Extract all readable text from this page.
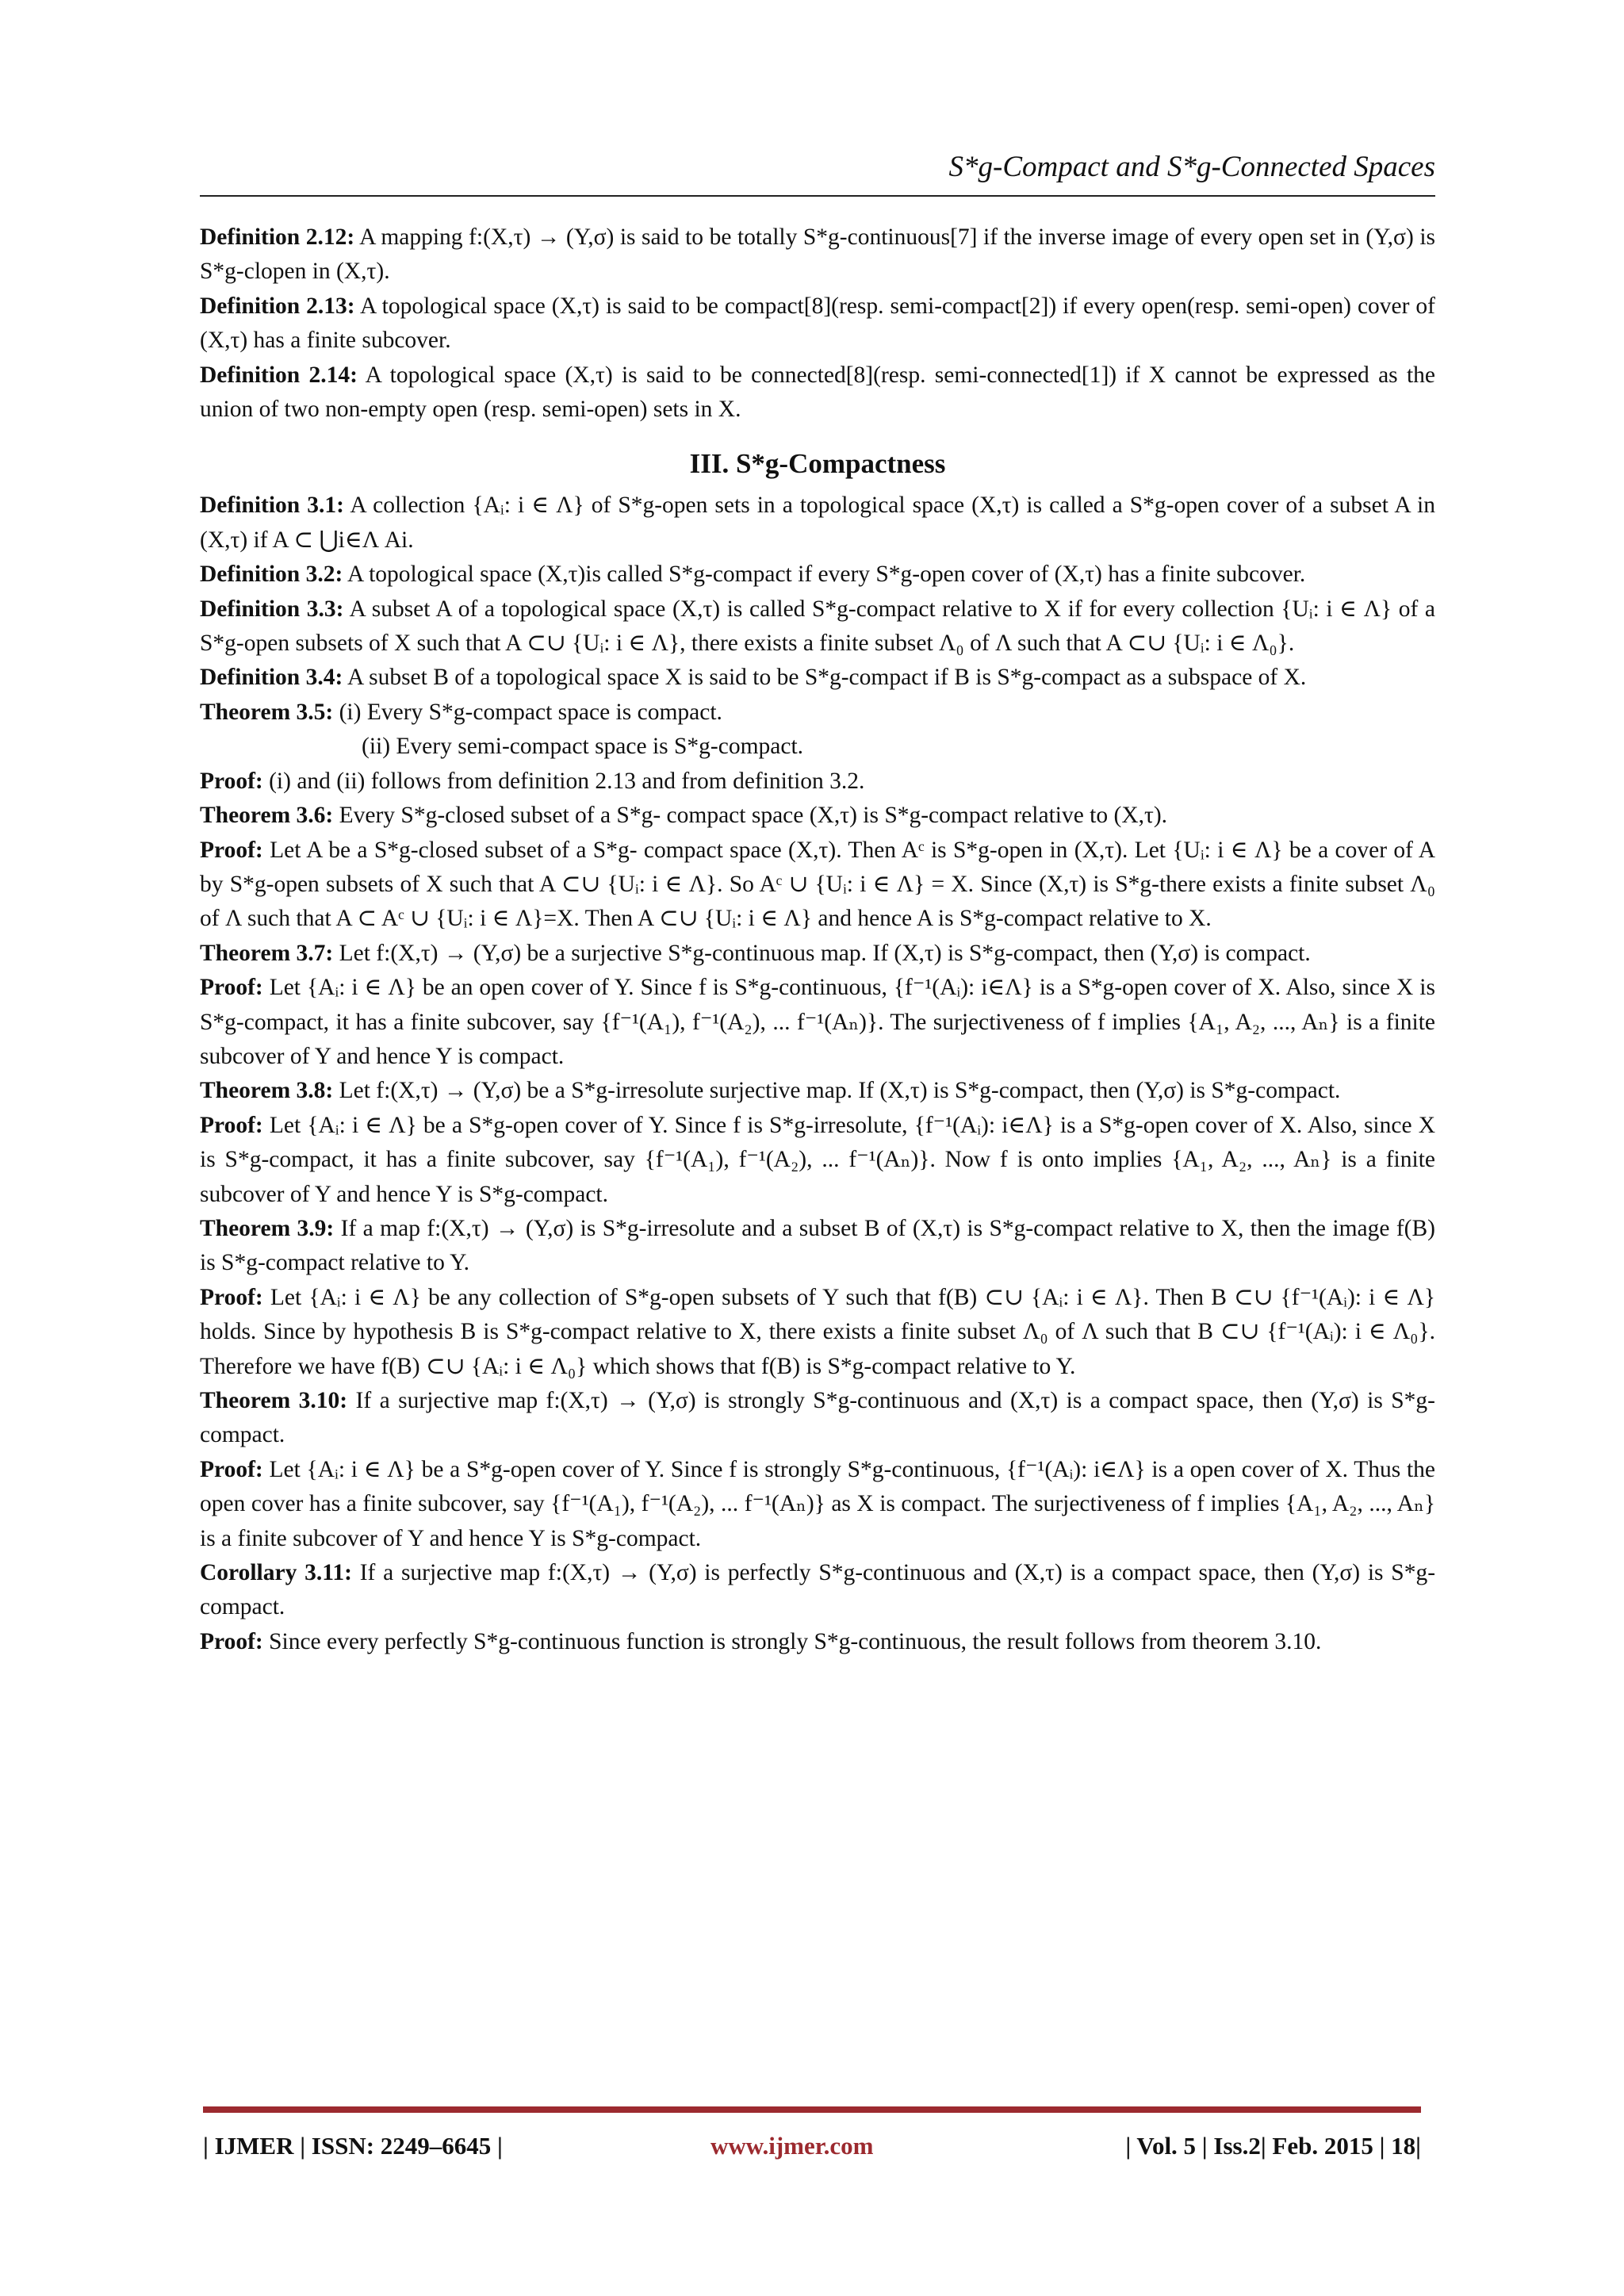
S*g-Compact and S*g-Connected Spaces

Definition 2.12: A mapping f:(X,τ) → (Y,σ) is said to be totally S*g-continuous[7] if the inverse image of every open set in (Y,σ) is S*g-clopen in (X,τ).

Definition 2.13: A topological space (X,τ) is said to be compact[8](resp. semi-compact[2]) if every open(resp. semi-open) cover of (X,τ) has a finite subcover.

Definition 2.14: A topological space (X,τ) is said to be connected[8](resp. semi-connected[1]) if X cannot be expressed as the union of two non-empty open (resp. semi-open) sets in X.

III. S*g-Compactness

Definition 3.1: A collection {Aᵢ: i ∈ Λ} of S*g-open sets in a topological space (X,τ) is called a S*g-open cover of a subset A in (X,τ) if A ⊂ ⋃i∈Λ Ai.

Definition 3.2: A topological space (X,τ)is called S*g-compact if every S*g-open cover of (X,τ) has a finite subcover.

Definition 3.3: A subset A of a topological space (X,τ) is called S*g-compact relative to X if for every collection {Uᵢ: i ∈ Λ} of a S*g-open subsets of X such that A ⊂∪ {Uᵢ: i ∈ Λ}, there exists a finite subset Λ₀ of Λ such that A ⊂∪ {Uᵢ: i ∈ Λ₀}.

Definition 3.4: A subset B of a topological space X is said to be S*g-compact if B is S*g-compact as a subspace of X.

Theorem 3.5: (i) Every S*g-compact space is compact.

(ii) Every semi-compact space is S*g-compact.

Proof: (i) and (ii) follows from definition 2.13 and from definition 3.2.

Theorem 3.6: Every S*g-closed subset of a S*g- compact space (X,τ) is S*g-compact relative to (X,τ).

Proof: Let A be a S*g-closed subset of a S*g- compact space (X,τ). Then Aᶜ is S*g-open in (X,τ). Let {Uᵢ: i ∈ Λ} be a cover of A by S*g-open subsets of X such that A ⊂∪ {Uᵢ: i ∈ Λ}. So Aᶜ ∪ {Uᵢ: i ∈ Λ} = X. Since (X,τ) is S*g-there exists a finite subset Λ₀ of Λ such that A ⊂ Aᶜ ∪ {Uᵢ: i ∈ Λ}=X. Then A ⊂∪ {Uᵢ: i ∈ Λ} and hence A is S*g-compact relative to X.

Theorem 3.7: Let f:(X,τ) → (Y,σ) be a surjective S*g-continuous map. If (X,τ) is S*g-compact, then (Y,σ) is compact.

Proof: Let {Aᵢ: i ∈ Λ} be an open cover of Y. Since f is S*g-continuous, {f⁻¹(Aᵢ): i∈Λ} is a S*g-open cover of X. Also, since X is S*g-compact, it has a finite subcover, say {f⁻¹(A₁), f⁻¹(A₂), ... f⁻¹(Aₙ)}. The surjectiveness of f implies {A₁, A₂, ..., Aₙ} is a finite subcover of Y and hence Y is compact.

Theorem 3.8: Let f:(X,τ) → (Y,σ) be a S*g-irresolute surjective map. If (X,τ) is S*g-compact, then (Y,σ) is S*g-compact.

Proof: Let {Aᵢ: i ∈ Λ} be a S*g-open cover of Y. Since f is S*g-irresolute, {f⁻¹(Aᵢ): i∈Λ} is a S*g-open cover of X. Also, since X is S*g-compact, it has a finite subcover, say {f⁻¹(A₁), f⁻¹(A₂), ... f⁻¹(Aₙ)}. Now f is onto implies {A₁, A₂, ..., Aₙ} is a finite subcover of Y and hence Y is S*g-compact.

Theorem 3.9: If a map f:(X,τ) → (Y,σ) is S*g-irresolute and a subset B of (X,τ) is S*g-compact relative to X, then the image f(B) is S*g-compact relative to Y.

Proof: Let {Aᵢ: i ∈ Λ} be any collection of S*g-open subsets of Y such that f(B) ⊂∪ {Aᵢ: i ∈ Λ}. Then B ⊂∪ {f⁻¹(Aᵢ): i ∈ Λ} holds. Since by hypothesis B is S*g-compact relative to X, there exists a finite subset Λ₀ of Λ such that B ⊂∪ {f⁻¹(Aᵢ): i ∈ Λ₀}. Therefore we have f(B) ⊂∪ {Aᵢ: i ∈ Λ₀} which shows that f(B) is S*g-compact relative to Y.

Theorem 3.10: If a surjective map f:(X,τ) → (Y,σ) is strongly S*g-continuous and (X,τ) is a compact space, then (Y,σ) is S*g-compact.

Proof: Let {Aᵢ: i ∈ Λ} be a S*g-open cover of Y. Since f is strongly S*g-continuous, {f⁻¹(Aᵢ): i∈Λ} is a open cover of X. Thus the open cover has a finite subcover, say {f⁻¹(A₁), f⁻¹(A₂), ... f⁻¹(Aₙ)} as X is compact. The surjectiveness of f implies {A₁, A₂, ..., Aₙ} is a finite subcover of Y and hence Y is S*g-compact.

Corollary 3.11: If a surjective map f:(X,τ) → (Y,σ) is perfectly S*g-continuous and (X,τ) is a compact space, then (Y,σ) is S*g-compact.

Proof: Since every perfectly S*g-continuous function is strongly S*g-continuous, the result follows from theorem 3.10.

| IJMER | ISSN: 2249–6645 |	www.ijmer.com	| Vol. 5 | Iss.2| Feb. 2015 | 18|
